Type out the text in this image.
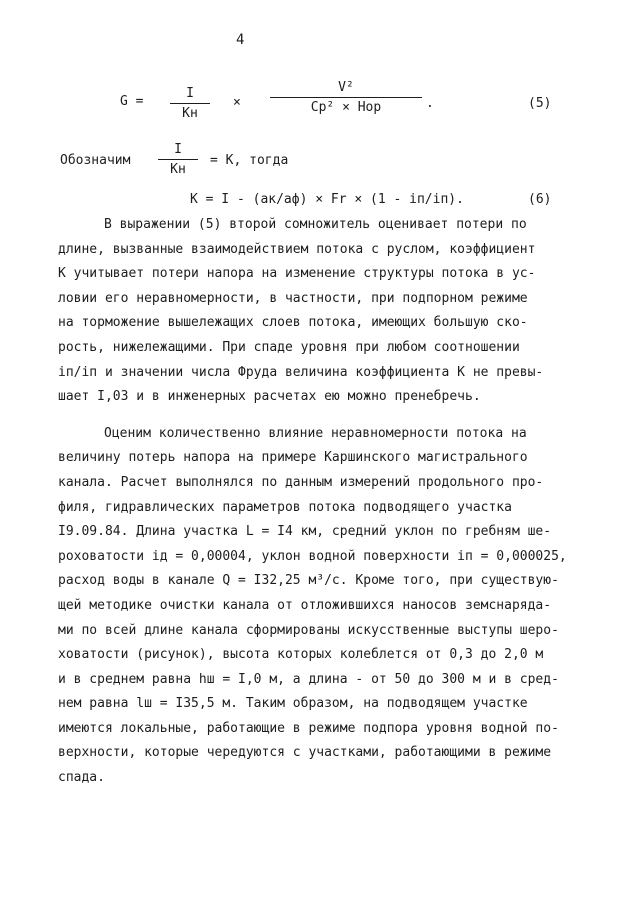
4
G =
I
Kн
×
V²
Cp² × Hop	.	(5)
Обозначим
I
Kн
= К, тогда
К = I - (ак/аф) × Fr × (1 - iп/iп).	(6)
В выражении (5) второй сомножитель оценивает потери по
длине, вызванные взаимодействием потока с руслом, коэффициент
К учитывает потери напора на изменение структуры потока в ус-
ловии его неравномерности, в частности, при подпорном режиме
на торможение вышележащих слоев потока, имеющих большую ско-
рость, нижележащими. При спаде уровня при любом соотношении
iп/iп и значении числа Фруда величина коэффициента К не превы-
шает I,03 и в инженерных расчетах ею можно пренебречь.
Оценим количественно влияние неравномерности потока на
величину потерь напора на примере Каршинского магистрального
канала. Расчет выполнялся по данным измерений продольного про-
филя, гидравлических параметров потока подводящего участка
I9.09.84. Длина участка L = I4 км, средний уклон по гребням ше-
роховатости iд = 0,00004, уклон водной поверхности iп = 0,000025,
расход воды в канале Q = I32,25 м³/с. Кроме того, при существую-
щей методике очистки канала от отложившихся наносов земснаряда-
ми по всей длине канала сформированы искусственные выступы шеро-
ховатости (рисунок), высота которых колеблется от 0,3 до 2,0 м
и в среднем равна hш = I,0 м, а длина - от 50 до 300 м и в сред-
нем равна lш = I35,5 м. Таким образом, на подводящем участке
имеются локальные, работающие в режиме подпора уровня водной по-
верхности, которые чередуются с участками, работающими в режиме
спада.
